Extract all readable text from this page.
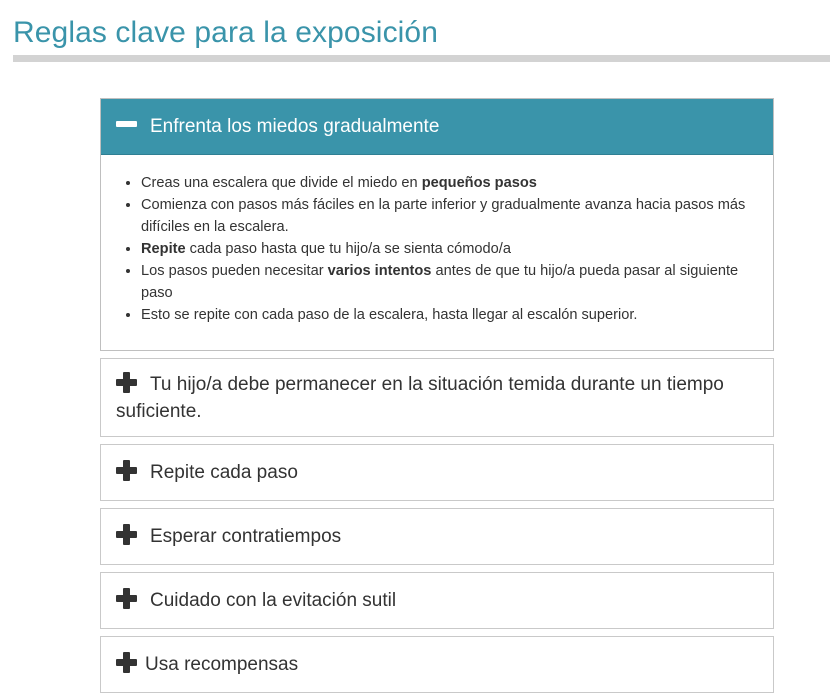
Reglas clave para la exposición
Enfrenta los miedos gradualmente
• Creas una escalera que divide el miedo en pequeños pasos
• Comienza con pasos más fáciles en la parte inferior y gradualmente avanza hacia pasos más difíciles en la escalera.
• Repite cada paso hasta que tu hijo/a se sienta cómodo/a
• Los pasos pueden necesitar varios intentos antes de que tu hijo/a pueda pasar al siguiente paso
• Esto se repite con cada paso de la escalera, hasta llegar al escalón superior.
Tu hijo/a debe permanecer en la situación temida durante un tiempo suficiente.
Repite cada paso
Esperar contratiempos
Cuidado con la evitación sutil
Usa recompensas
